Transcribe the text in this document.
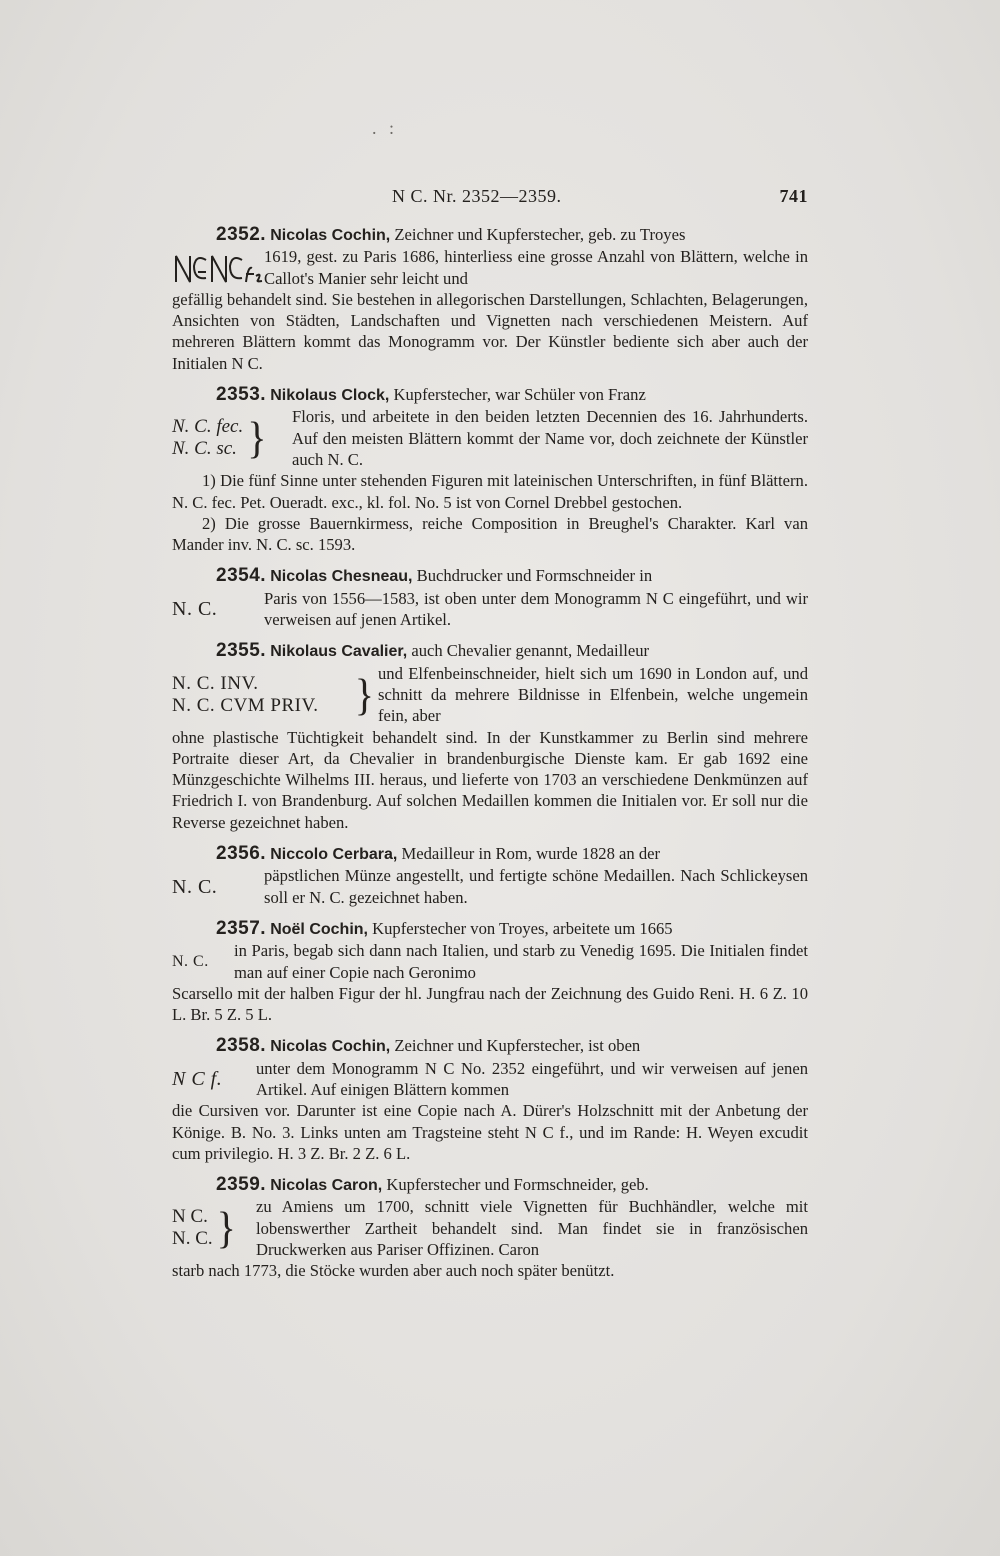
. :
N C. Nr. 2352—2359.	741
2352. Nicolas Cochin, Zeichner und Kupferstecher, geb. zu Troyes
1619, gest. zu Paris 1686, hinterliess eine grosse Anzahl von Blättern, welche in Callot's Manier sehr leicht und
gefällig behandelt sind. Sie bestehen in allegorischen Darstellungen, Schlachten, Belagerungen, Ansichten von Städten, Landschaften und Vignetten nach verschiedenen Meistern. Auf mehreren Blättern kommt das Monogramm vor. Der Künstler bediente sich aber auch der Initialen N C.
2353. Nikolaus Clock, Kupferstecher, war Schüler von Franz
N. C. fec.
N. C. sc. } Floris, und arbeitete in den beiden letzten Decennien des 16. Jahrhunderts. Auf den meisten Blättern kommt der Name vor, doch zeichnete der Künstler auch N. C.
1) Die fünf Sinne unter stehenden Figuren mit lateinischen Unterschriften, in fünf Blättern. N. C. fec. Pet. Oueradt. exc., kl. fol. No. 5 ist von Cornel Drebbel gestochen.
2) Die grosse Bauernkirmess, reiche Composition in Breughel's Charakter. Karl van Mander inv. N. C. sc. 1593.
2354. Nicolas Chesneau, Buchdrucker und Formschneider in
N. C.	Paris von 1556—1583, ist oben unter dem Monogramm N C eingeführt, und wir verweisen auf jenen Artikel.
2355. Nikolaus Cavalier, auch Chevalier genannt, Medailleur
N. C. INV.
N. C. CVM PRIV. } und Elfenbeinschneider, hielt sich um 1690 in London auf, und schnitt da mehrere Bildnisse in Elfenbein, welche ungemein fein, aber
ohne plastische Tüchtigkeit behandelt sind. In der Kunstkammer zu Berlin sind mehrere Portraite dieser Art, da Chevalier in brandenburgische Dienste kam. Er gab 1692 eine Münzgeschichte Wilhelms III. heraus, und lieferte von 1703 an verschiedene Denkmünzen auf Friedrich I. von Brandenburg. Auf solchen Medaillen kommen die Initialen vor. Er soll nur die Reverse gezeichnet haben.
2356. Niccolo Cerbara, Medailleur in Rom, wurde 1828 an der
N. C.	päpstlichen Münze angestellt, und fertigte schöne Medaillen. Nach Schlickeysen soll er N. C. gezeichnet haben.
2357. Noël Cochin, Kupferstecher von Troyes, arbeitete um 1665
N. C.
in Paris, begab sich dann nach Italien, und starb zu Venedig 1695. Die Initialen findet man auf einer Copie nach Geronimo
Scarsello mit der halben Figur der hl. Jungfrau nach der Zeichnung des Guido Reni. H. 6 Z. 10 L. Br. 5 Z. 5 L.
2358. Nicolas Cochin, Zeichner und Kupferstecher, ist oben
N C f.	unter dem Monogramm N C No. 2352 eingeführt, und wir verweisen auf jenen Artikel. Auf einigen Blättern kommen
die Cursiven vor. Darunter ist eine Copie nach A. Dürer's Holzschnitt mit der Anbetung der Könige. B. No. 3. Links unten am Tragsteine steht N C f., und im Rande: H. Weyen excudit cum privilegio. H. 3 Z. Br. 2 Z. 6 L.
2359. Nicolas Caron, Kupferstecher und Formschneider, geb.
N C.
N. C. } zu Amiens um 1700, schnitt viele Vignetten für Buchhändler, welche mit lobenswerther Zartheit behandelt sind. Man findet sie in französischen Druckwerken aus Pariser Offizinen. Caron
starb nach 1773, die Stöcke wurden aber auch noch später benützt.
